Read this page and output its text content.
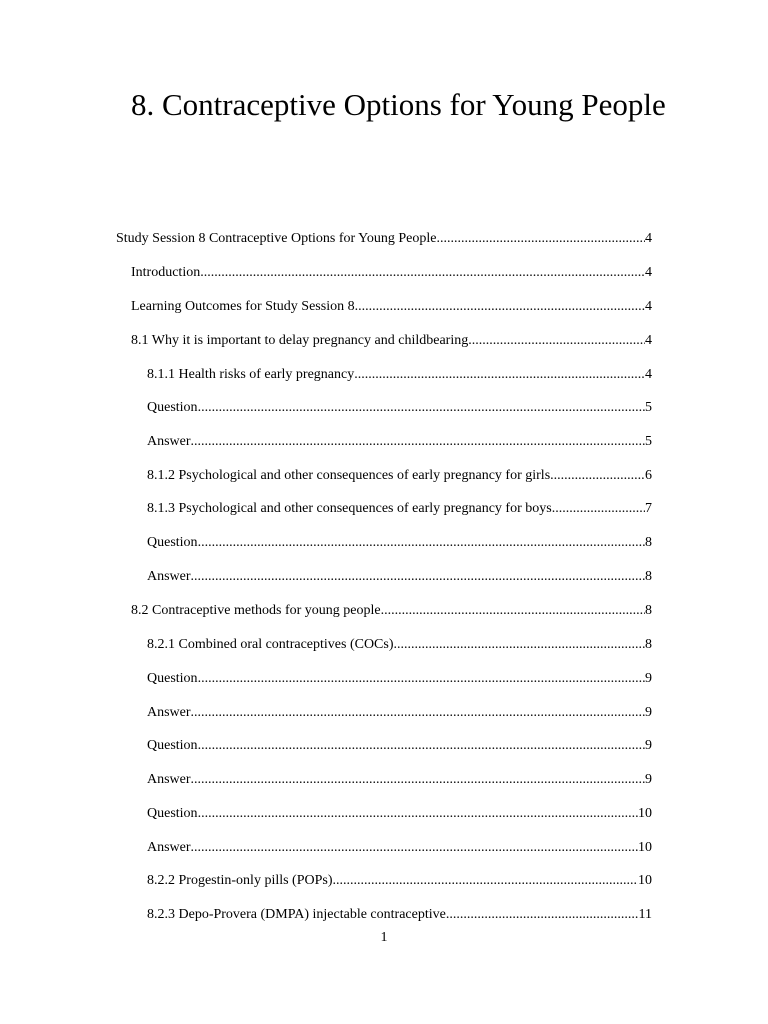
8. Contraceptive Options for Young People
Study Session 8 Contraceptive Options for Young People .....	4
Introduction .....	4
Learning Outcomes for Study Session 8 .....	4
8.1 Why it is important to delay pregnancy and childbearing .....	4
8.1.1 Health risks of early pregnancy .....	4
Question .....	5
Answer .....	5
8.1.2 Psychological and other consequences of early pregnancy for girls .....	6
8.1.3 Psychological and other consequences of early pregnancy for boys .....	7
Question .....	8
Answer .....	8
8.2 Contraceptive methods for young people .....	8
8.2.1 Combined oral contraceptives (COCs) .....	8
Question .....	9
Answer .....	9
Question .....	9
Answer .....	9
Question .....	10
Answer .....	10
8.2.2 Progestin-only pills (POPs) .....	10
8.2.3 Depo-Provera (DMPA) injectable contraceptive .....	11
1
